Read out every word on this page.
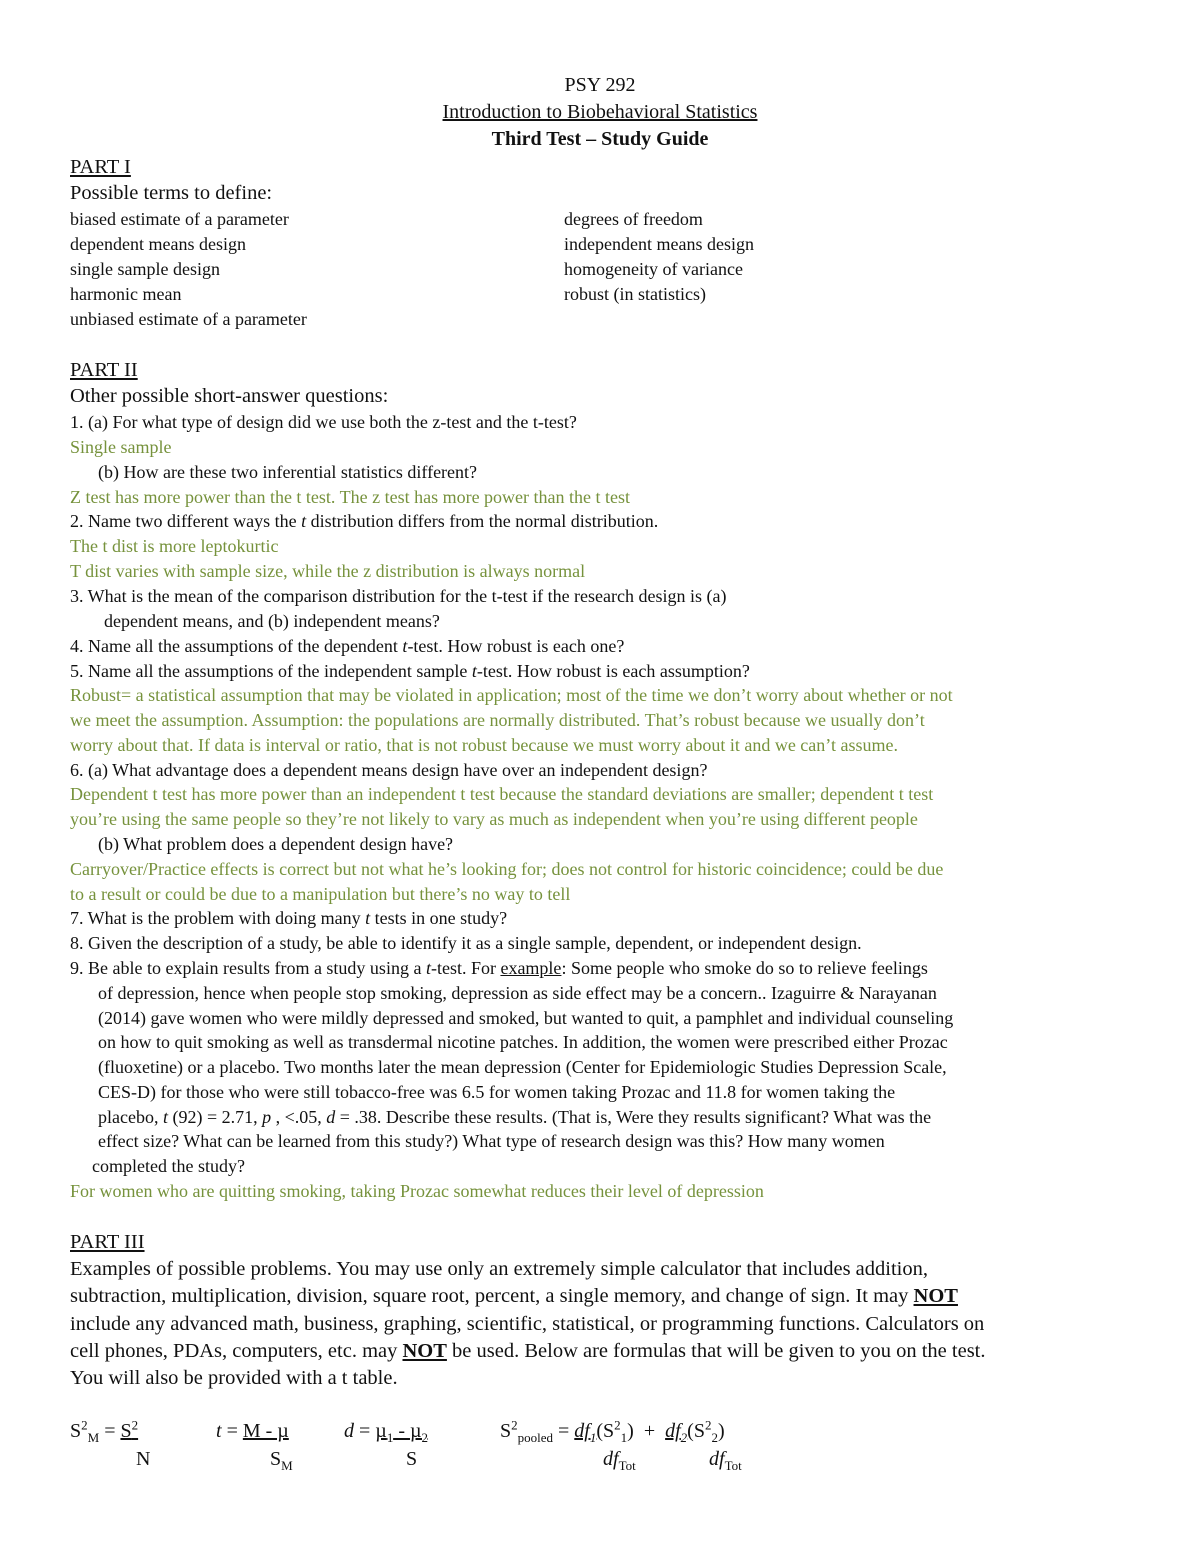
PSY 292
Introduction to Biobehavioral Statistics
Third Test – Study Guide
PART I
Possible terms to define:
biased estimate of a parameter
dependent means design
single sample design
harmonic mean
unbiased estimate of a parameter
degrees of freedom
independent means design
homogeneity of variance
robust (in statistics)
PART II
Other possible short-answer questions:
1. (a) For what type of design did we use both the z-test and the t-test?
Single sample
(b) How are these two inferential statistics different?
Z test has more power than the t test. The z test has more power than the t test
2. Name two different ways the t distribution differs from the normal distribution.
The t dist is more leptokurtic
T dist varies with sample size, while the z distribution is always normal
3. What is the mean of the comparison distribution for the t-test if the research design is (a)
dependent means, and (b) independent means?
4. Name all the assumptions of the dependent t-test. How robust is each one?
5. Name all the assumptions of the independent sample t-test. How robust is each assumption?
Robust= a statistical assumption that may be violated in application; most of the time we don’t worry about whether or not
we meet the assumption. Assumption: the populations are normally distributed. That’s robust because we usually don’t
worry about that. If data is interval or ratio, that is not robust because we must worry about it and we can’t assume.
6. (a) What advantage does a dependent means design have over an independent design?
Dependent t test has more power than an independent t test because the standard deviations are smaller; dependent t test
you’re using the same people so they’re not likely to vary as much as independent when you’re using different people
(b) What problem does a dependent design have?
Carryover/Practice effects is correct but not what he’s looking for; does not control for historic coincidence; could be due
to a result or could be due to a manipulation but there’s no way to tell
7. What is the problem with doing many t tests in one study?
8. Given the description of a study, be able to identify it as a single sample, dependent, or independent design.
9. Be able to explain results from a study using a t-test. For example: Some people who smoke do so to relieve feelings
of depression, hence when people stop smoking, depression as side effect may be a concern.. Izaguirre & Narayanan
(2014) gave women who were mildly depressed and smoked, but wanted to quit, a pamphlet and individual counseling
on how to quit smoking as well as transdermal nicotine patches. In addition, the women were prescribed either Prozac
(fluoxetine) or a placebo. Two months later the mean depression (Center for Epidemiologic Studies Depression Scale,
CES-D) for those who were still tobacco-free was 6.5 for women taking Prozac and 11.8 for women taking the
placebo, t (92) = 2.71, p , <.05, d = .38. Describe these results. (That is, Were they results significant? What was the
effect size? What can be learned from this study?) What type of research design was this? How many women
completed the study?
For women who are quitting smoking, taking Prozac somewhat reduces their level of depression
PART III
Examples of possible problems. You may use only an extremely simple calculator that includes addition,
subtraction, multiplication, division, square root, percent, a single memory, and change of sign. It may NOT
include any advanced math, business, graphing, scientific, statistical, or programming functions. Calculators on
cell phones, PDAs, computers, etc. may NOT be used. Below are formulas that will be given to you on the test.
You will also be provided with a t table.
$S^2_M = S^2$
N
t = M - µ
$S_M$
d = µ$_1$ - µ$_2$
S
$S^2_{pooled} = df_1(S^2_1) + df_2(S^2_2)$
$df_{Tot}$	$df_{Tot}$
